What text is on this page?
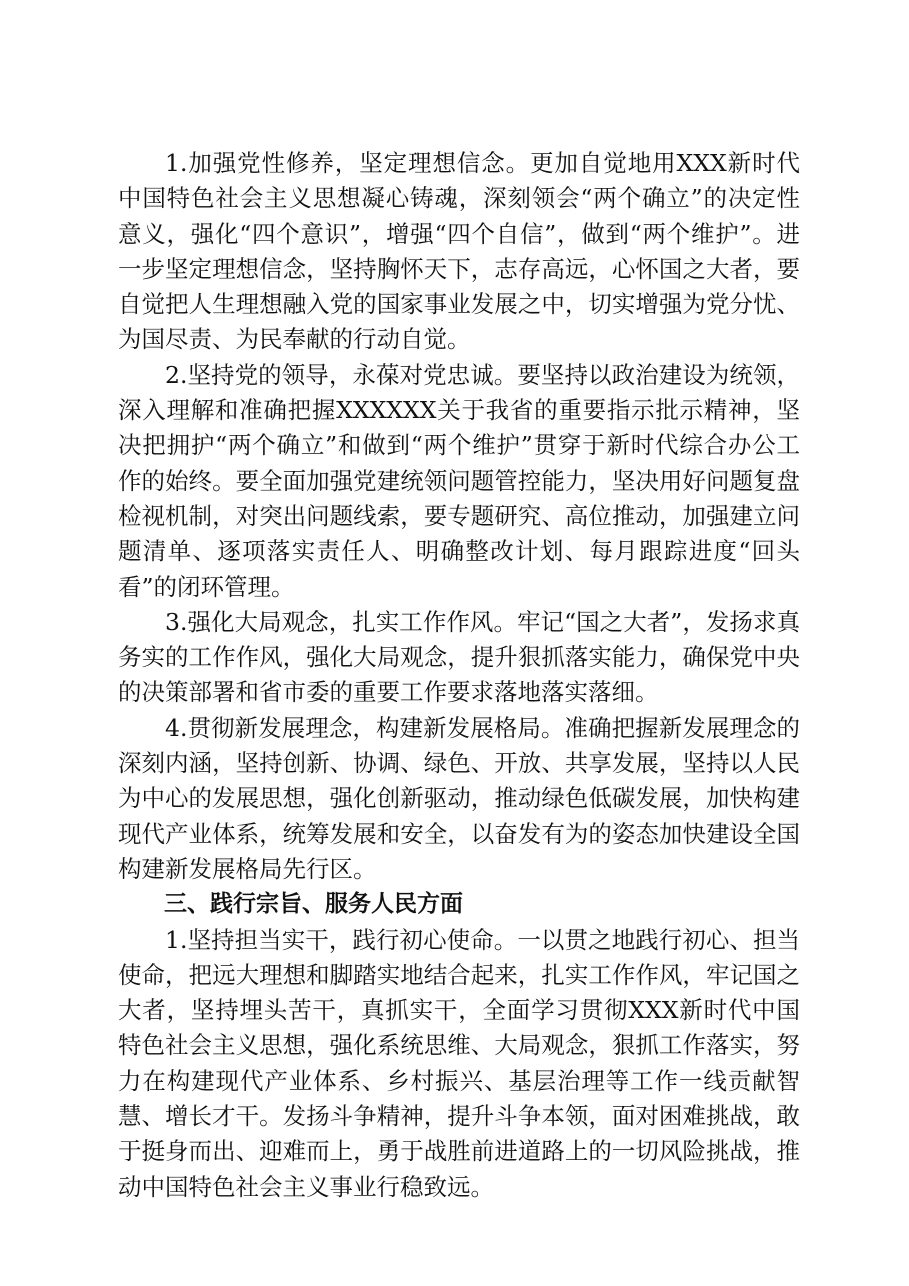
1.加强党性修养，坚定理想信念。更加自觉地用XXX新时代中国特色社会主义思想凝心铸魂，深刻领会“两个确立”的决定性意义，强化“四个意识”，增强“四个自信”，做到“两个维护”。进一步坚定理想信念，坚持胸怀天下，志存高远，心怀国之大者，要自觉把人生理想融入党的国家事业发展之中，切实增强为党分忧、为国尽责、为民奉献的行动自觉。

2.坚持党的领导，永葆对党忠诚。要坚持以政治建设为统领，深入理解和准确把握XXXXXX关于我省的重要指示批示精神，坚决把拥护“两个确立”和做到“两个维护”贯穿于新时代综合办公工作的始终。要全面加强党建统领问题管控能力，坚决用好问题复盘检视机制，对突出问题线索，要专题研究、高位推动，加强建立问题清单、逐项落实责任人、明确整改计划、每月跟踪进度“回头看”的闭环管理。

3.强化大局观念，扎实工作作风。牢记“国之大者”，发扬求真务实的工作作风，强化大局观念，提升狠抓落实能力，确保党中央的决策部署和省市委的重要工作要求落地落实落细。

4.贯彻新发展理念，构建新发展格局。准确把握新发展理念的深刻内涵，坚持创新、协调、绿色、开放、共享发展，坚持以人民为中心的发展思想，强化创新驱动，推动绿色低碳发展，加快构建现代产业体系，统筹发展和安全，以奋发有为的姿态加快建设全国构建新发展格局先行区。

三、践行宗旨、服务人民方面

1.坚持担当实干，践行初心使命。一以贯之地践行初心、担当使命，把远大理想和脚踏实地结合起来，扎实工作作风，牢记国之大者，坚持埋头苦干，真抓实干，全面学习贯彻XXX新时代中国特色社会主义思想，强化系统思维、大局观念，狠抓工作落实，努力在构建现代产业体系、乡村振兴、基层治理等工作一线贡献智慧、增长才干。发扬斗争精神，提升斗争本领，面对困难挑战，敢于挺身而出、迎难而上，勇于战胜前进道路上的一切风险挑战，推动中国特色社会主义事业行稳致远。
